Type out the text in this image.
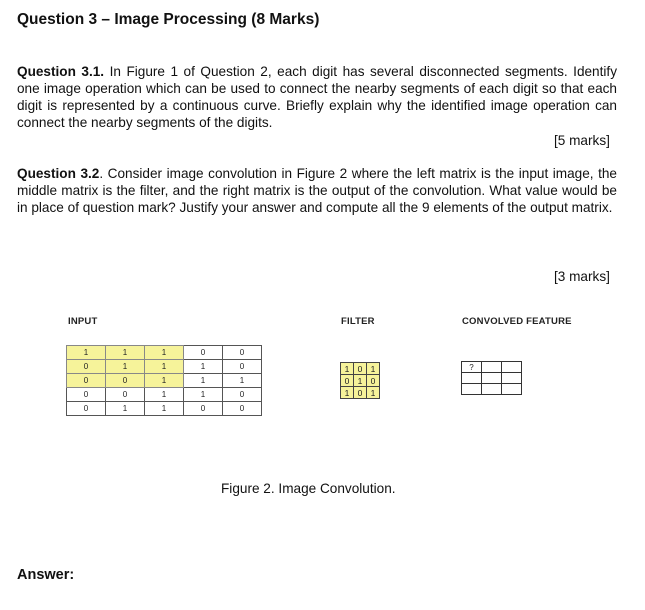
Question 3 – Image Processing (8 Marks)
Question 3.1. In Figure 1 of Question 2, each digit has several disconnected segments. Identify one image operation which can be used to connect the nearby segments of each digit so that each digit is represented by a continuous curve. Briefly explain why the identified image operation can connect the nearby segments of the digits.
[5 marks]
Question 3.2. Consider image convolution in Figure 2 where the left matrix is the input image, the middle matrix is the filter, and the right matrix is the output of the convolution. What value would be in place of question mark? Justify your answer and compute all the 9 elements of the output matrix.
[3 marks]
INPUT	FILTER	CONVOLVED FEATURE
1	1	1	0	0
0	1	1	1	0
0	0	1	1	1
0	0	1	1	0
0	1	1	0	0
1	0	1
0	1	0
1	0	1
?		

Figure 2. Image Convolution.
Answer:
